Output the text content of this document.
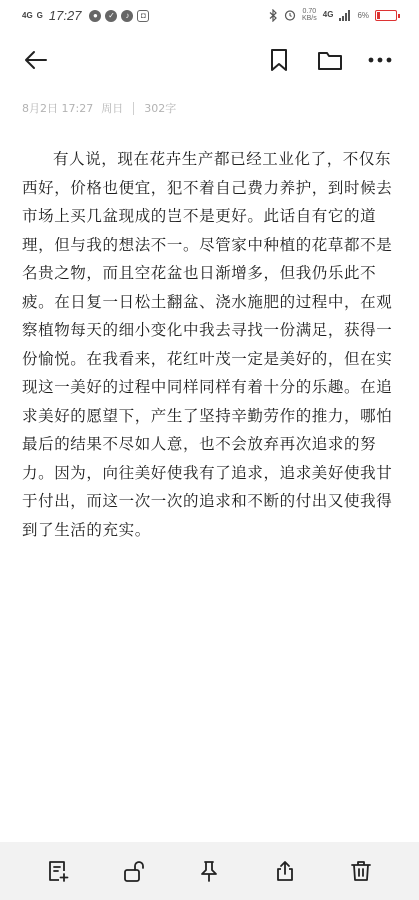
4G G 17:27	●	✓	♪	◘	0.70
KB/s 4G	6%
8月2日 17:27 周日 302字
有人说，现在花卉生产都已经工业化了，不仅东西好，价格也便宜，犯不着自己费力养护，到时候去市场上买几盆现成的岂不是更好。此话自有它的道理，但与我的想法不一。尽管家中种植的花草都不是名贵之物，而且空花盆也日渐增多，但我仍乐此不疲。在日复一日松土翻盆、浇水施肥的过程中，在观察植物每天的细小变化中我去寻找一份满足，获得一份愉悦。在我看来，花红叶茂一定是美好的，但在实现这一美好的过程中同样同样有着十分的乐趣。在追求美好的愿望下，产生了坚持辛勤劳作的推力，哪怕最后的结果不尽如人意，也不会放弃再次追求的努力。因为，向往美好使我有了追求，追求美好使我甘于付出，而这一次一次的追求和不断的付出又使我得到了生活的充实。
